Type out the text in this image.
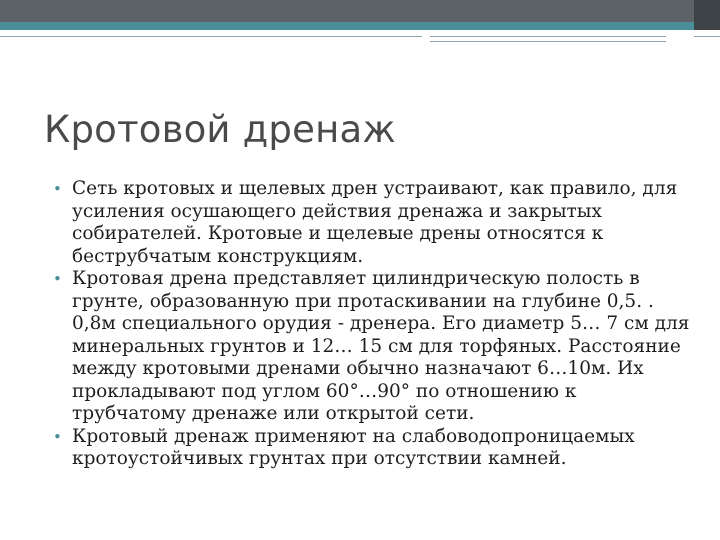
Кротовой дренаж
• Сеть кротовых и щелевых дрен устраивают, как правило, для усиления осушающего действия дренажа и закрытых собирателей. Кротовые и щелевые дрены относятся к беструбчатым конструкциям.
• Кротовая дрена представляет цилиндрическую полость в грунте, образованную при протаскивании на глубине 0,5. . 0,8м специального орудия - дренера. Его диаметр 5… 7 см для минеральных грунтов и 12… 15 см для торфяных. Расстояние между кротовыми дренами обычно назначают 6…10м. Их прокладывают под углом 60°…90° по отношению к трубчатому дренаже или открытой сети.
• Кротовый дренаж применяют на слабоводопроницаемых кротоустойчивых грунтах при отсутствии камней.
